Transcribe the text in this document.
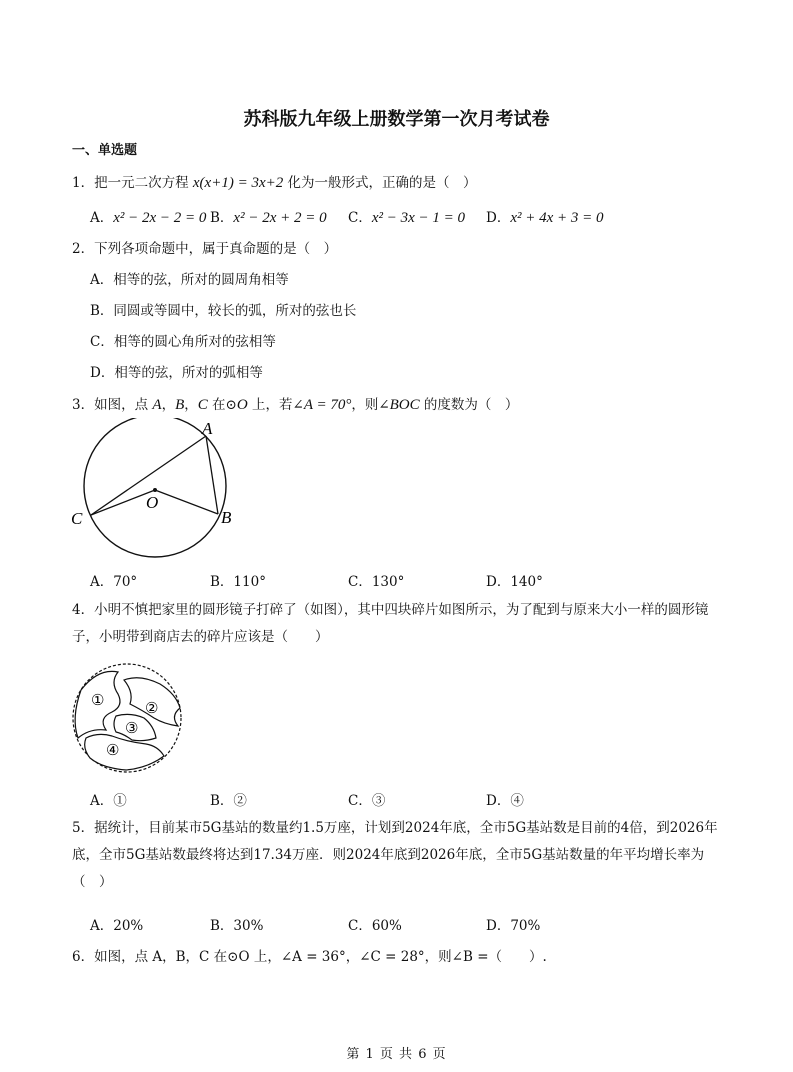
苏科版九年级上册数学第一次月考试卷
一、单选题
1．把一元二次方程 x(x+1) = 3x+2 化为一般形式，正确的是（　）
A．x² − 2x − 2 = 0 B．x² − 2x + 2 = 0 C．x² − 3x − 1 = 0 D．x² + 4x + 3 = 0
2．下列各项命题中，属于真命题的是（　）
A．相等的弦，所对的圆周角相等
B．同圆或等圆中，较长的弧，所对的弦也长
C．相等的圆心角所对的弦相等
D．相等的弦，所对的弧相等
3．如图，点 A，B，C 在⊙O 上，若∠A = 70°，则∠BOC 的度数为（　）
A
B
C
O
A．70°	B．110°	C．130°	D．140°
4．小明不慎把家里的圆形镜子打碎了（如图），其中四块碎片如图所示，为了配到与原来大小一样的圆形镜子，小明带到商店去的碎片应该是（　　）
①	②
③
④
A．①	B．②	C．③	D．④
5．据统计，目前某市5G基站的数量约1.5万座，计划到2024年底，全市5G基站数是目前的4倍，到2026年底，全市5G基站数最终将达到17.34万座．则2024年底到2026年底，全市5G基站数量的年平均增长率为（　）
A．20%	B．30%	C．60%	D．70%
6．如图，点 A，B，C 在⊙O 上，∠A = 36°，∠C = 28°，则∠B =（　　）.
第 1 页 共 6 页
